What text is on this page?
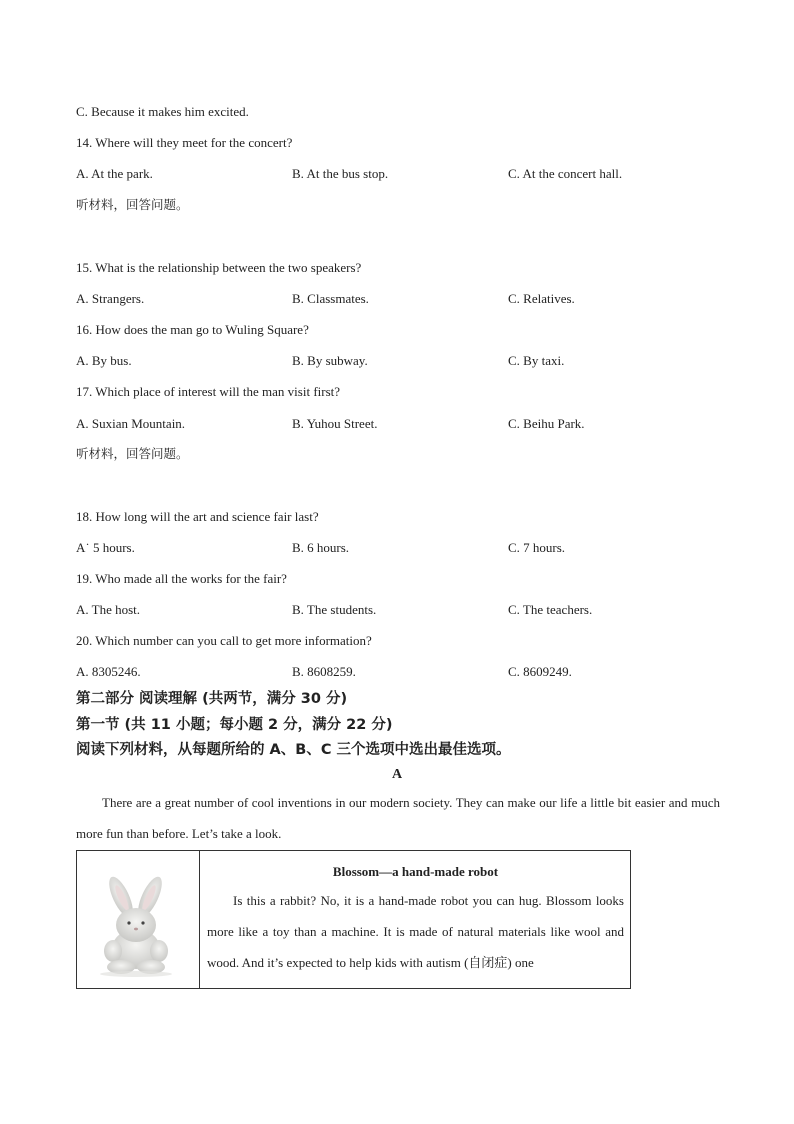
C. Because it makes him excited.
14. Where will they meet for the concert?
A. At the park.	B. At the bus stop.	C. At the concert hall.
听材料，回答问题。
15. What is the relationship between the two speakers?
A. Strangers.	B. Classmates.	C. Relatives.
16. How does the man go to Wuling Square?
A. By bus.	B. By subway.	C. By taxi.
17. Which place of interest will the man visit first?
A. Suxian Mountain.	B. Yuhou Street.	C. Beihu Park.
听材料，回答问题。
18. How long will the art and science fair last?
A˙ 5 hours.	B. 6 hours.	C. 7 hours.
19. Who made all the works for the fair?
A. The host.	B. The students.	C. The teachers.
20. Which number can you call to get more information?
A. 8305246.	B. 8608259.	C. 8609249.
第二部分 阅读理解 (共两节，满分 30 分)
第一节 (共 11 小题；每小题 2 分，满分 22 分)
阅读下列材料，从每题所给的 A、B、C 三个选项中选出最佳选项。
A
There are a great number of cool inventions in our modern society. They can make our life a little bit easier and much more fun than before. Let’s take a look.

Blossom—a hand-made robot
Is this a rabbit? No, it is a hand-made robot you can hug. Blossom looks more like a toy than a machine. It is made of natural materials like wool and wood. And it’s expected to help kids with autism (自闭症) one
